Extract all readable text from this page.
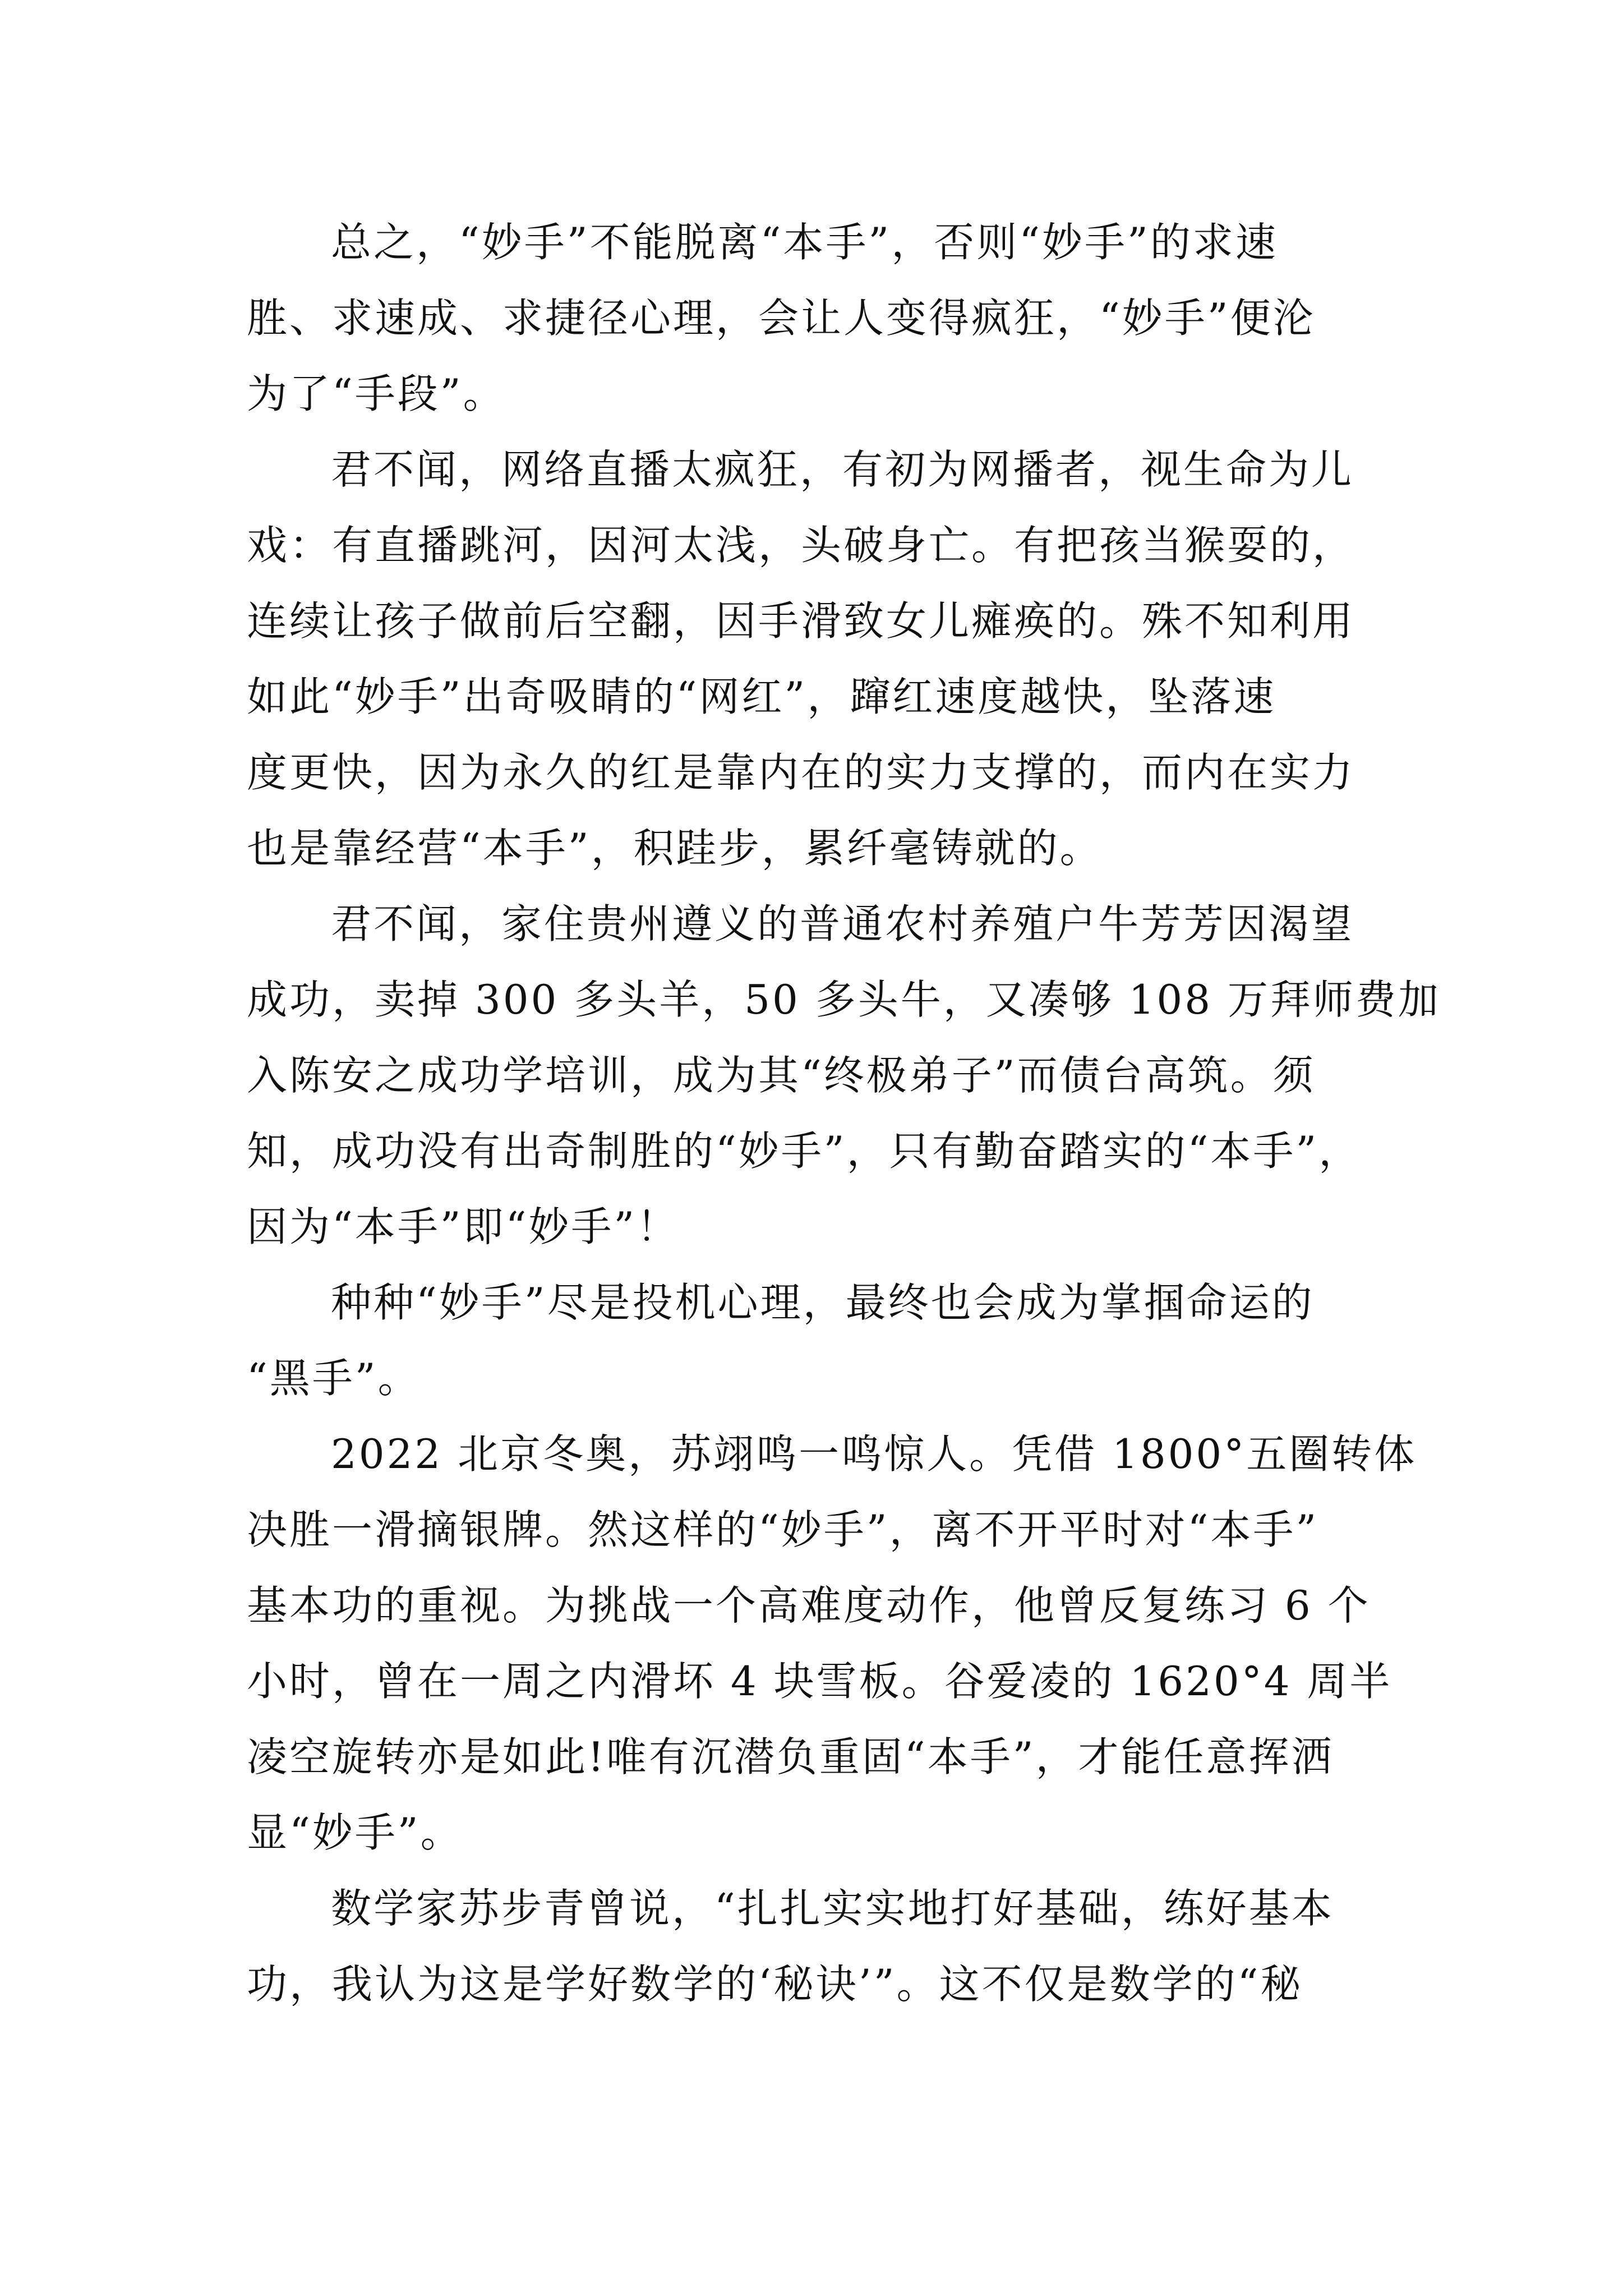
总之，“妙手”不能脱离“本手”，否则“妙手”的求速
胜、求速成、求捷径心理，会让人变得疯狂，“妙手”便沦
为了“手段”。
君不闻，网络直播太疯狂，有初为网播者，视生命为儿
戏：有直播跳河，因河太浅，头破身亡。有把孩当猴耍的，
连续让孩子做前后空翻，因手滑致女儿瘫痪的。殊不知利用
如此“妙手”出奇吸睛的“网红”，蹿红速度越快，坠落速
度更快，因为永久的红是靠内在的实力支撑的，而内在实力
也是靠经营“本手”，积跬步，累纤毫铸就的。
君不闻，家住贵州遵义的普通农村养殖户牛芳芳因渴望
成功，卖掉 300 多头羊，50 多头牛，又凑够 108 万拜师费加
入陈安之成功学培训，成为其“终极弟子”而债台高筑。须
知，成功没有出奇制胜的“妙手”，只有勤奋踏实的“本手”，
因为“本手”即“妙手”！
种种“妙手”尽是投机心理，最终也会成为掌掴命运的
“黑手”。
2022 北京冬奥，苏翊鸣一鸣惊人。凭借 1800°五圈转体
决胜一滑摘银牌。然这样的“妙手”，离不开平时对“本手”
基本功的重视。为挑战一个高难度动作，他曾反复练习 6 个
小时，曾在一周之内滑坏 4 块雪板。谷爱凌的 1620°4 周半
凌空旋转亦是如此!唯有沉潜负重固“本手”，才能任意挥洒
显“妙手”。
数学家苏步青曾说，“扎扎实实地打好基础，练好基本
功，我认为这是学好数学的‘秘诀’”。这不仅是数学的“秘
